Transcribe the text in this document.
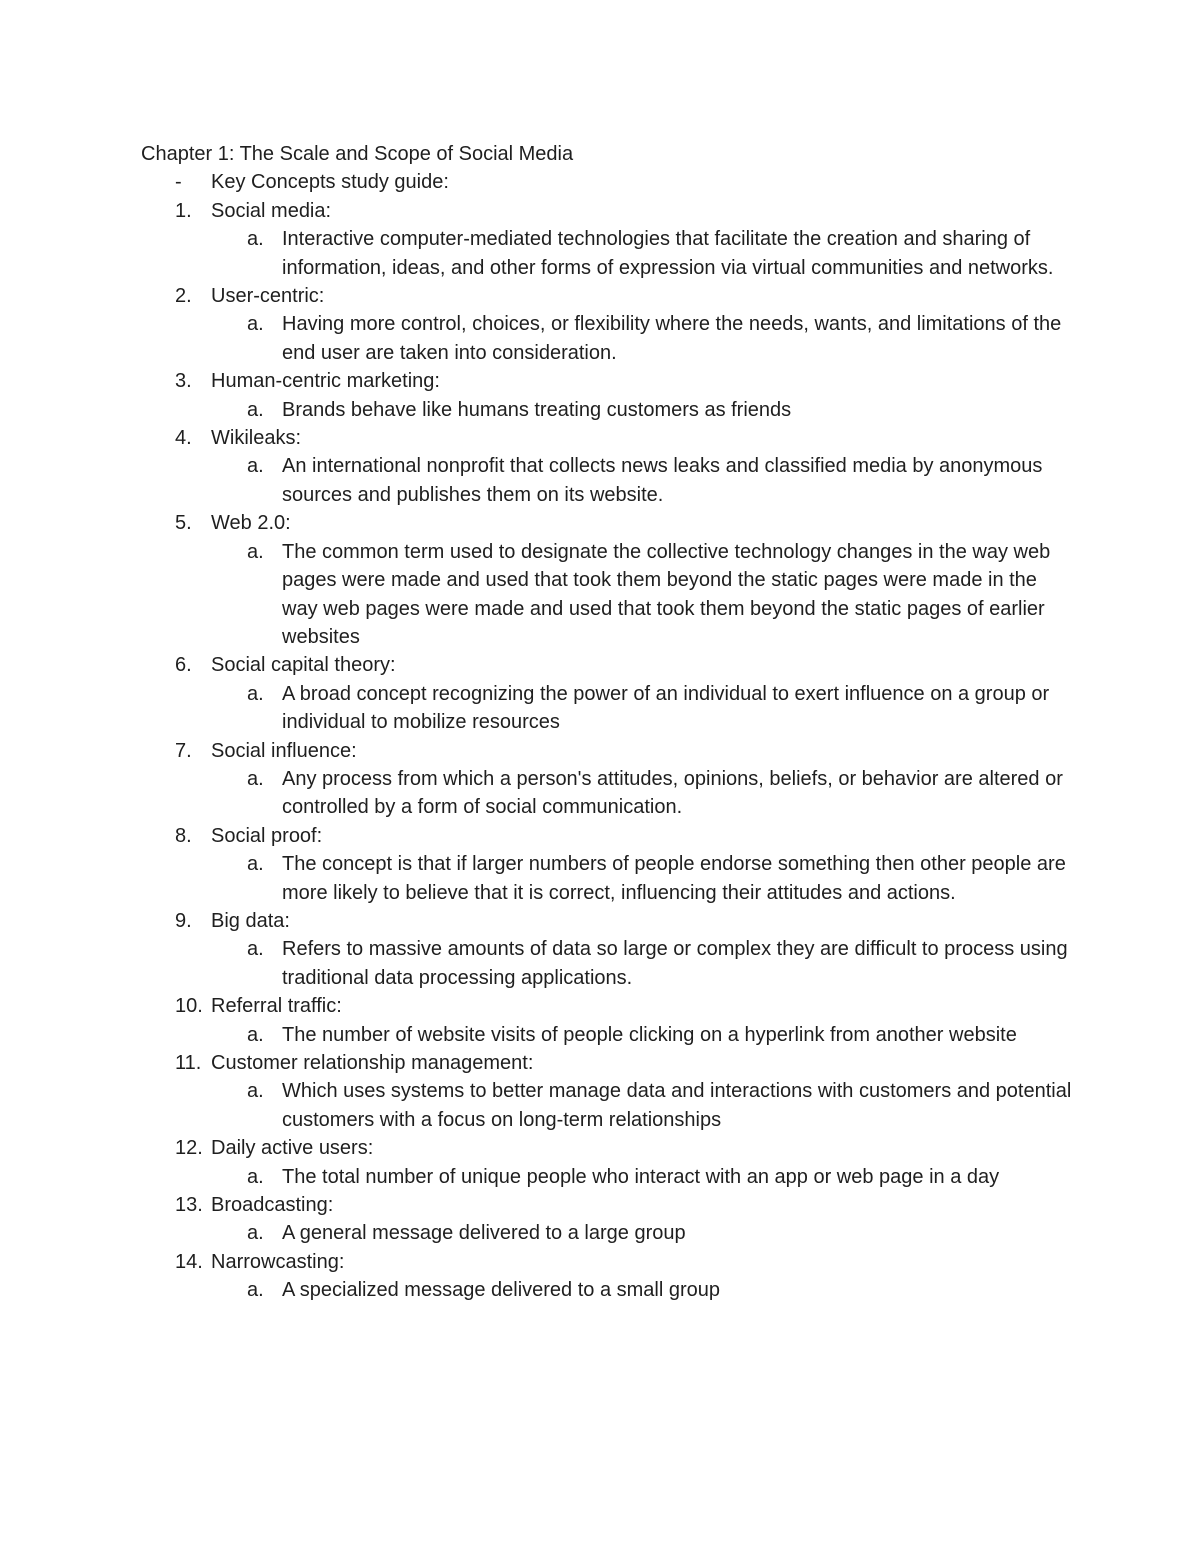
Chapter 1: The Scale and Scope of Social Media
- Key Concepts study guide:
1. Social media:
a. Interactive computer-mediated technologies that facilitate the creation and sharing of information, ideas, and other forms of expression via virtual communities and networks.
2. User-centric:
a. Having more control, choices, or flexibility where the needs, wants, and limitations of the end user are taken into consideration.
3. Human-centric marketing:
a. Brands behave like humans treating customers as friends
4. Wikileaks:
a. An international nonprofit that collects news leaks and classified media by anonymous sources and publishes them on its website.
5. Web 2.0:
a. The common term used to designate the collective technology changes in the way web pages were made and used that took them beyond the static pages were made in the way web pages were made and used that took them beyond the static pages of earlier websites
6. Social capital theory:
a. A broad concept recognizing the power of an individual to exert influence on a group or individual to mobilize resources
7. Social influence:
a. Any process from which a person's attitudes, opinions, beliefs, or behavior are altered or controlled by a form of social communication.
8. Social proof:
a. The concept is that if larger numbers of people endorse something then other people are more likely to believe that it is correct, influencing their attitudes and actions.
9. Big data:
a. Refers to massive amounts of data so large or complex they are difficult to process using traditional data processing applications.
10. Referral traffic:
a. The number of website visits of people clicking on a hyperlink from another website
11. Customer relationship management:
a. Which uses systems to better manage data and interactions with customers and potential customers with a focus on long-term relationships
12. Daily active users:
a. The total number of unique people who interact with an app or web page in a day
13. Broadcasting:
a. A general message delivered to a large group
14. Narrowcasting:
a. A specialized message delivered to a small group
